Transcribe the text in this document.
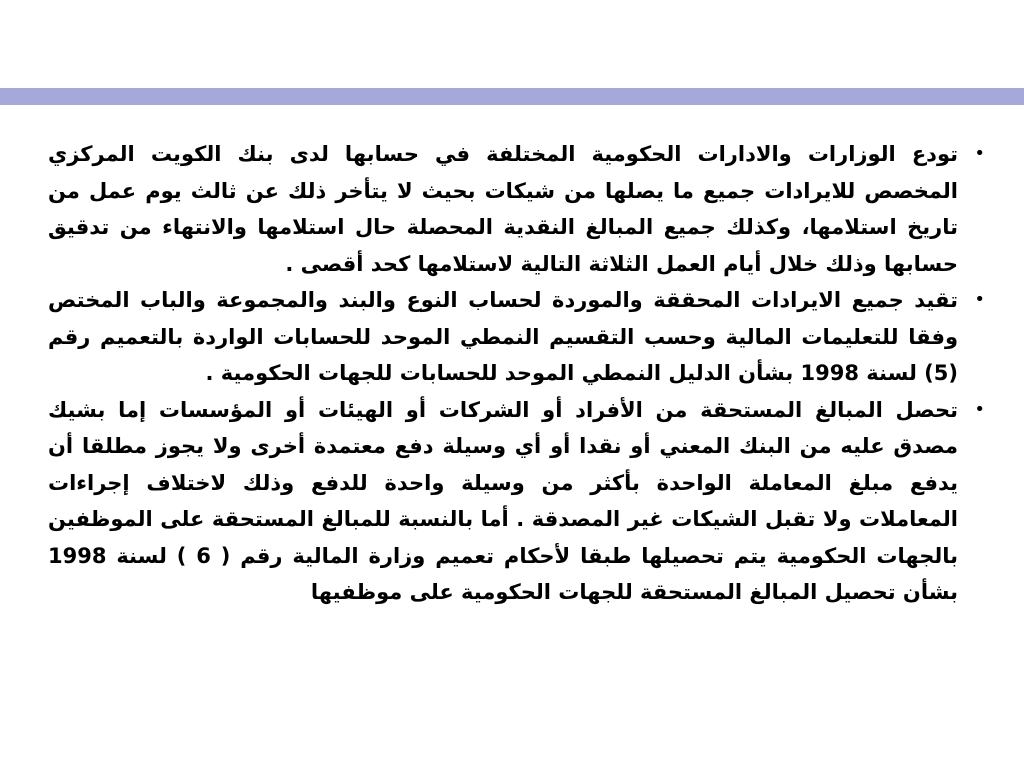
•
تودع الوزارات والادارات الحكومية المختلفة في حسابها لدى بنك الكويت المركزي المخصص للايرادات جميع ما يصلها من شيكات بحيث لا يتأخر ذلك عن ثالث يوم عمل من تاريخ استلامها، وكذلك جميع المبالغ النقدية المحصلة حال استلامها والانتهاء من تدقيق حسابها وذلك خلال أيام العمل الثلاثة التالية لاستلامها كحد أقصى .
•
تقيد جميع الايرادات المحققة والموردة لحساب النوع والبند والمجموعة والباب المختص وفقا للتعليمات المالية وحسب التقسيم النمطي الموحد للحسابات الواردة بالتعميم رقم (5) لسنة 1998 بشأن الدليل النمطي الموحد للحسابات للجهات الحكومية .
•
تحصل المبالغ المستحقة من الأفراد أو الشركات أو الهيئات أو المؤسسات إما بشيك مصدق عليه من البنك المعني أو نقدا أو أي وسيلة دفع معتمدة أخرى ولا يجوز مطلقا أن يدفع مبلغ المعاملة الواحدة بأكثر من وسيلة واحدة للدفع وذلك لاختلاف إجراءات المعاملات ولا تقبل الشيكات غير المصدقة . أما بالنسبة للمبالغ المستحقة على الموظفين بالجهات الحكومية يتم تحصيلها طبقا لأحكام تعميم وزارة المالية رقم ( 6 ) لسنة 1998 بشأن تحصيل المبالغ المستحقة للجهات الحكومية على موظفيها
